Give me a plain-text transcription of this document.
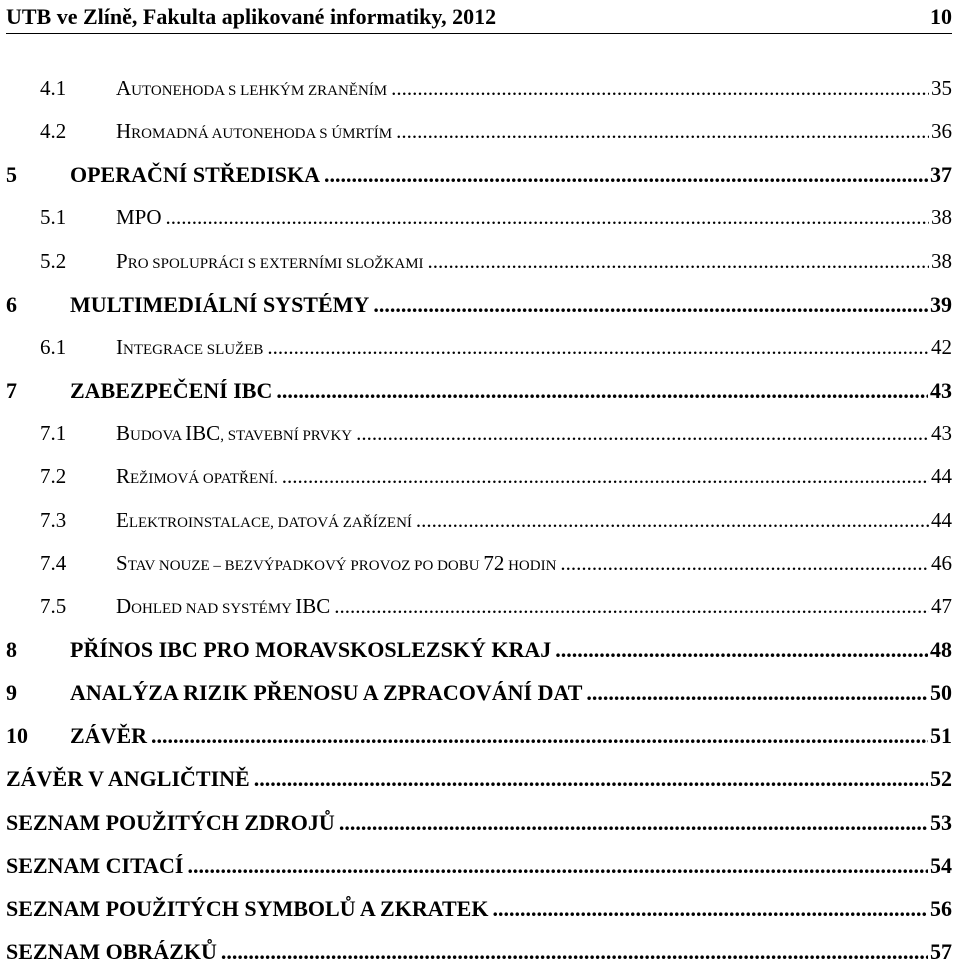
UTB ve Zlíně, Fakulta aplikované informatiky, 2012	10
4.1 AUTONEHODA S LEHKÝM ZRANĚNÍM .....	35
4.2 HROMADNÁ AUTONEHODA S ÚMRTÍM .....	36
5 OPERAČNÍ STŘEDISKA .....	37
5.1 MPO .....	38
5.2 PRO SPOLUPRÁCI S EXTERNÍMI SLOŽKAMI .....	38
6 MULTIMEDIÁLNÍ SYSTÉMY .....	39
6.1 INTEGRACE SLUŽEB .....	42
7 ZABEZPEČENÍ IBC .....	43
7.1 BUDOVA IBC, STAVEBNÍ PRVKY .....	43
7.2 REŽIMOVÁ OPATŘENÍ. .....	44
7.3 ELEKTROINSTALACE, DATOVÁ ZAŘÍZENÍ .....	44
7.4 STAV NOUZE – BEZVÝPADKOVÝ PROVOZ PO DOBU 72 HODIN .....	46
7.5 DOHLED NAD SYSTÉMY IBC .....	47
8 PŘÍNOS IBC PRO MORAVSKOSLEZSKÝ KRAJ .....	48
9 ANALÝZA RIZIK PŘENOSU A ZPRACOVÁNÍ DAT .....	50
10 ZÁVĚR .....	51
ZÁVĚR V ANGLIČTINĚ .....	52
SEZNAM POUŽITÝCH ZDROJŮ .....	53
SEZNAM CITACÍ .....	54
SEZNAM POUŽITÝCH SYMBOLŮ A ZKRATEK .....	56
SEZNAM OBRÁZKŮ .....	57
